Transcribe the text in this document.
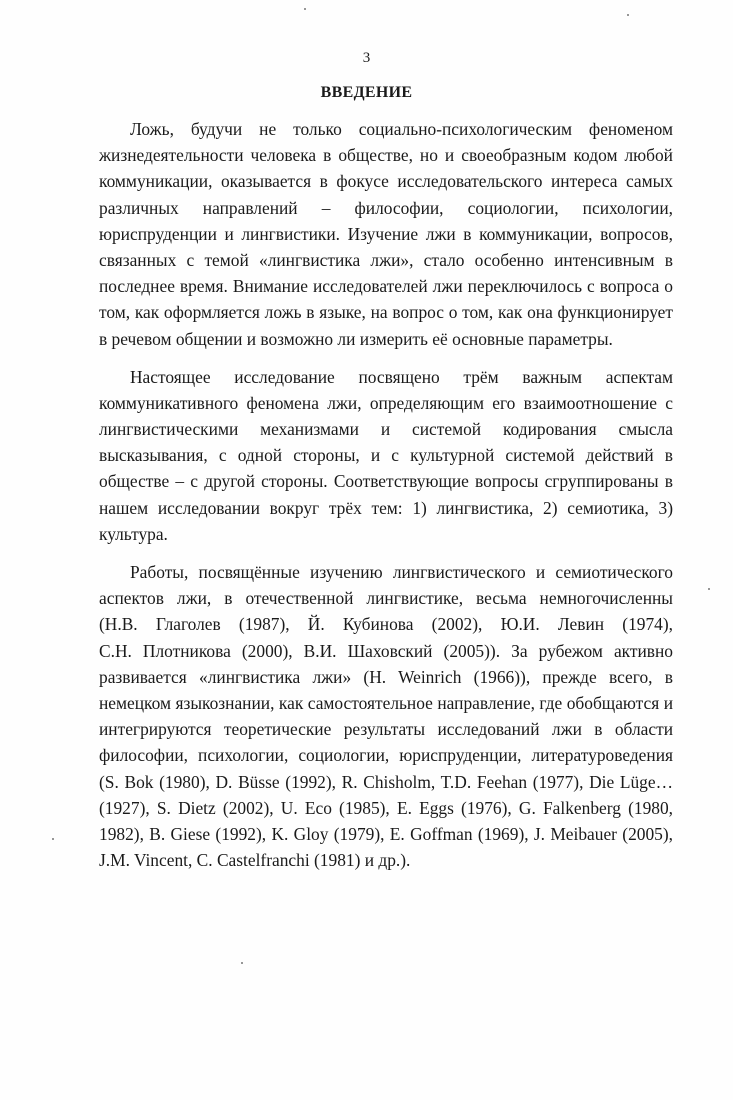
3
ВВЕДЕНИЕ
Ложь, будучи не только социально-психологическим феноменом
жизнедеятельности человека в обществе, но и своеобразным кодом любой
коммуникации, оказывается в фокусе исследовательского интереса самых
различных направлений – философии, социологии, психологии,
юриспруденции и лингвистики. Изучение лжи в коммуникации, вопросов,
связанных с темой «лингвистика лжи», стало особенно интенсивным в
последнее время. Внимание исследователей лжи переключилось с вопроса о
том, как оформляется ложь в языке, на вопрос о том, как она функционирует
в речевом общении и возможно ли измерить её основные параметры.
Настоящее исследование посвящено трём важным аспектам
коммуникативного феномена лжи, определяющим его взаимоотношение с
лингвистическими механизмами и системой кодирования смысла
высказывания, с одной стороны, и с культурной системой действий в
обществе – с другой стороны. Соответствующие вопросы сгруппированы в
нашем исследовании вокруг трёх тем: 1) лингвистика, 2) семиотика, 3)
культура.
Работы, посвящённые изучению лингвистического и семиотического
аспектов лжи, в отечественной лингвистике, весьма немногочисленны
(Н.В. Глаголев (1987), Й. Кубинова (2002), Ю.И. Левин (1974),
С.Н. Плотникова (2000), В.И. Шаховский (2005)). За рубежом активно
развивается «лингвистика лжи» (H. Weinrich (1966)), прежде всего, в
немецком языкознании, как самостоятельное направление, где обобщаются и
интегрируются теоретические результаты исследований лжи в области
философии, психологии, социологии, юриспруденции, литературоведения
(S. Bok (1980), D. Büsse (1992), R. Chisholm, T.D. Feehan (1977), Die Lüge…
(1927), S. Dietz (2002), U. Eco (1985), E. Eggs (1976), G. Falkenberg (1980,
1982), B. Giese (1992), K. Gloy (1979), E. Goffman (1969), J. Meibauer (2005),
J.M. Vincent, C. Castelfranchi (1981) и др.).
